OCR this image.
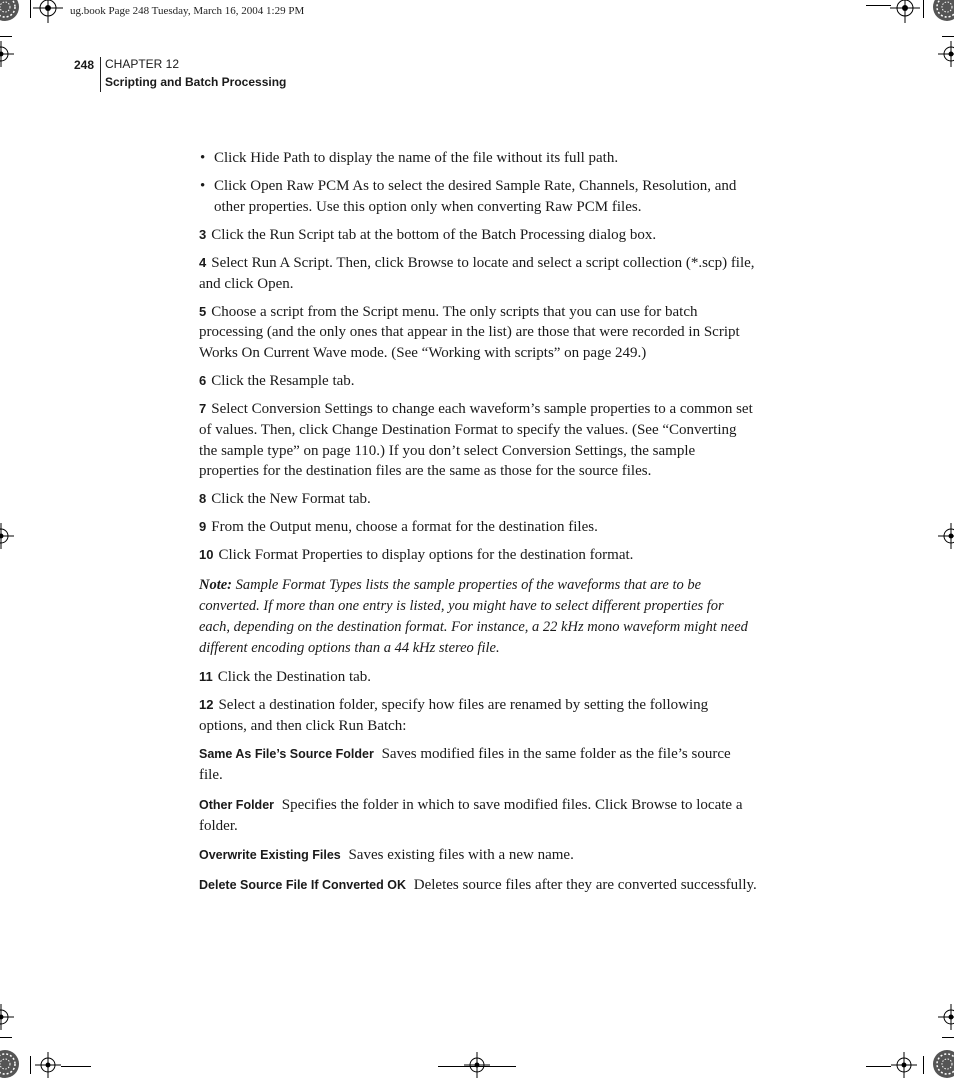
ug.book Page 248 Tuesday, March 16, 2004 1:29 PM
248 CHAPTER 12
Scripting and Batch Processing

• Click Hide Path to display the name of the file without its full path.

• Click Open Raw PCM As to select the desired Sample Rate, Channels, Resolution, and other properties. Use this option only when converting Raw PCM files.

3 Click the Run Script tab at the bottom of the Batch Processing dialog box.

4 Select Run A Script. Then, click Browse to locate and select a script collection (*.scp) file, and click Open.

5 Choose a script from the Script menu. The only scripts that you can use for batch processing (and the only ones that appear in the list) are those that were recorded in Script Works On Current Wave mode. (See “Working with scripts” on page 249.)

6 Click the Resample tab.

7 Select Conversion Settings to change each waveform’s sample properties to a common set of values. Then, click Change Destination Format to specify the values. (See “Converting the sample type” on page 110.) If you don’t select Conversion Settings, the sample properties for the destination files are the same as those for the source files.

8 Click the New Format tab.

9 From the Output menu, choose a format for the destination files.

10 Click Format Properties to display options for the destination format.

Note: Sample Format Types lists the sample properties of the waveforms that are to be converted. If more than one entry is listed, you might have to select different properties for each, depending on the destination format. For instance, a 22 kHz mono waveform might need different encoding options than a 44 kHz stereo file.

11 Click the Destination tab.

12 Select a destination folder, specify how files are renamed by setting the following options, and then click Run Batch:

Same As File’s Source Folder Saves modified files in the same folder as the file’s source file.

Other Folder Specifies the folder in which to save modified files. Click Browse to locate a folder.

Overwrite Existing Files Saves existing files with a new name.

Delete Source File If Converted OK Deletes source files after they are converted successfully.
